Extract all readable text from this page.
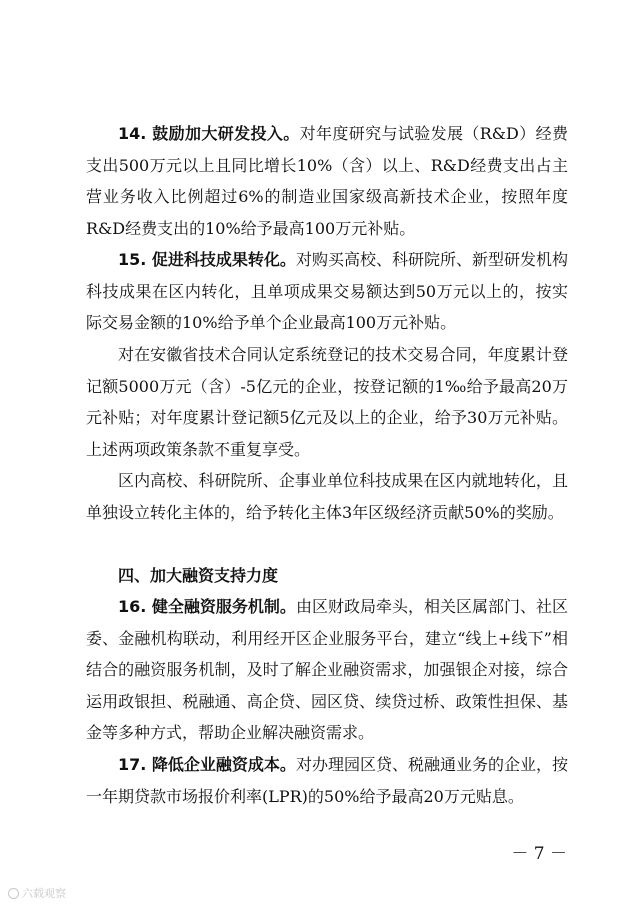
14. 鼓励加大研发投入。对年度研究与试验发展（R&D）经费支出500万元以上且同比增长10%（含）以上、R&D经费支出占主营业务收入比例超过6%的制造业国家级高新技术企业，按照年度R&D经费支出的10%给予最高100万元补贴。

15. 促进科技成果转化。对购买高校、科研院所、新型研发机构科技成果在区内转化，且单项成果交易额达到50万元以上的，按实际交易金额的10%给予单个企业最高100万元补贴。

对在安徽省技术合同认定系统登记的技术交易合同，年度累计登记额5000万元（含）-5亿元的企业，按登记额的1‰给予最高20万元补贴；对年度累计登记额5亿元及以上的企业，给予30万元补贴。上述两项政策条款不重复享受。

区内高校、科研院所、企事业单位科技成果在区内就地转化，且单独设立转化主体的，给予转化主体3年区级经济贡献50%的奖励。

四、加大融资支持力度

16. 健全融资服务机制。由区财政局牵头，相关区属部门、社区委、金融机构联动，利用经开区企业服务平台，建立“线上+线下”相结合的融资服务机制，及时了解企业融资需求，加强银企对接，综合运用政银担、税融通、高企贷、园区贷、续贷过桥、政策性担保、基金等多种方式，帮助企业解决融资需求。

17. 降低企业融资成本。对办理园区贷、税融通业务的企业，按一年期贷款市场报价利率(LPR)的50%给予最高20万元贴息。

－ 7 －
六载观察
